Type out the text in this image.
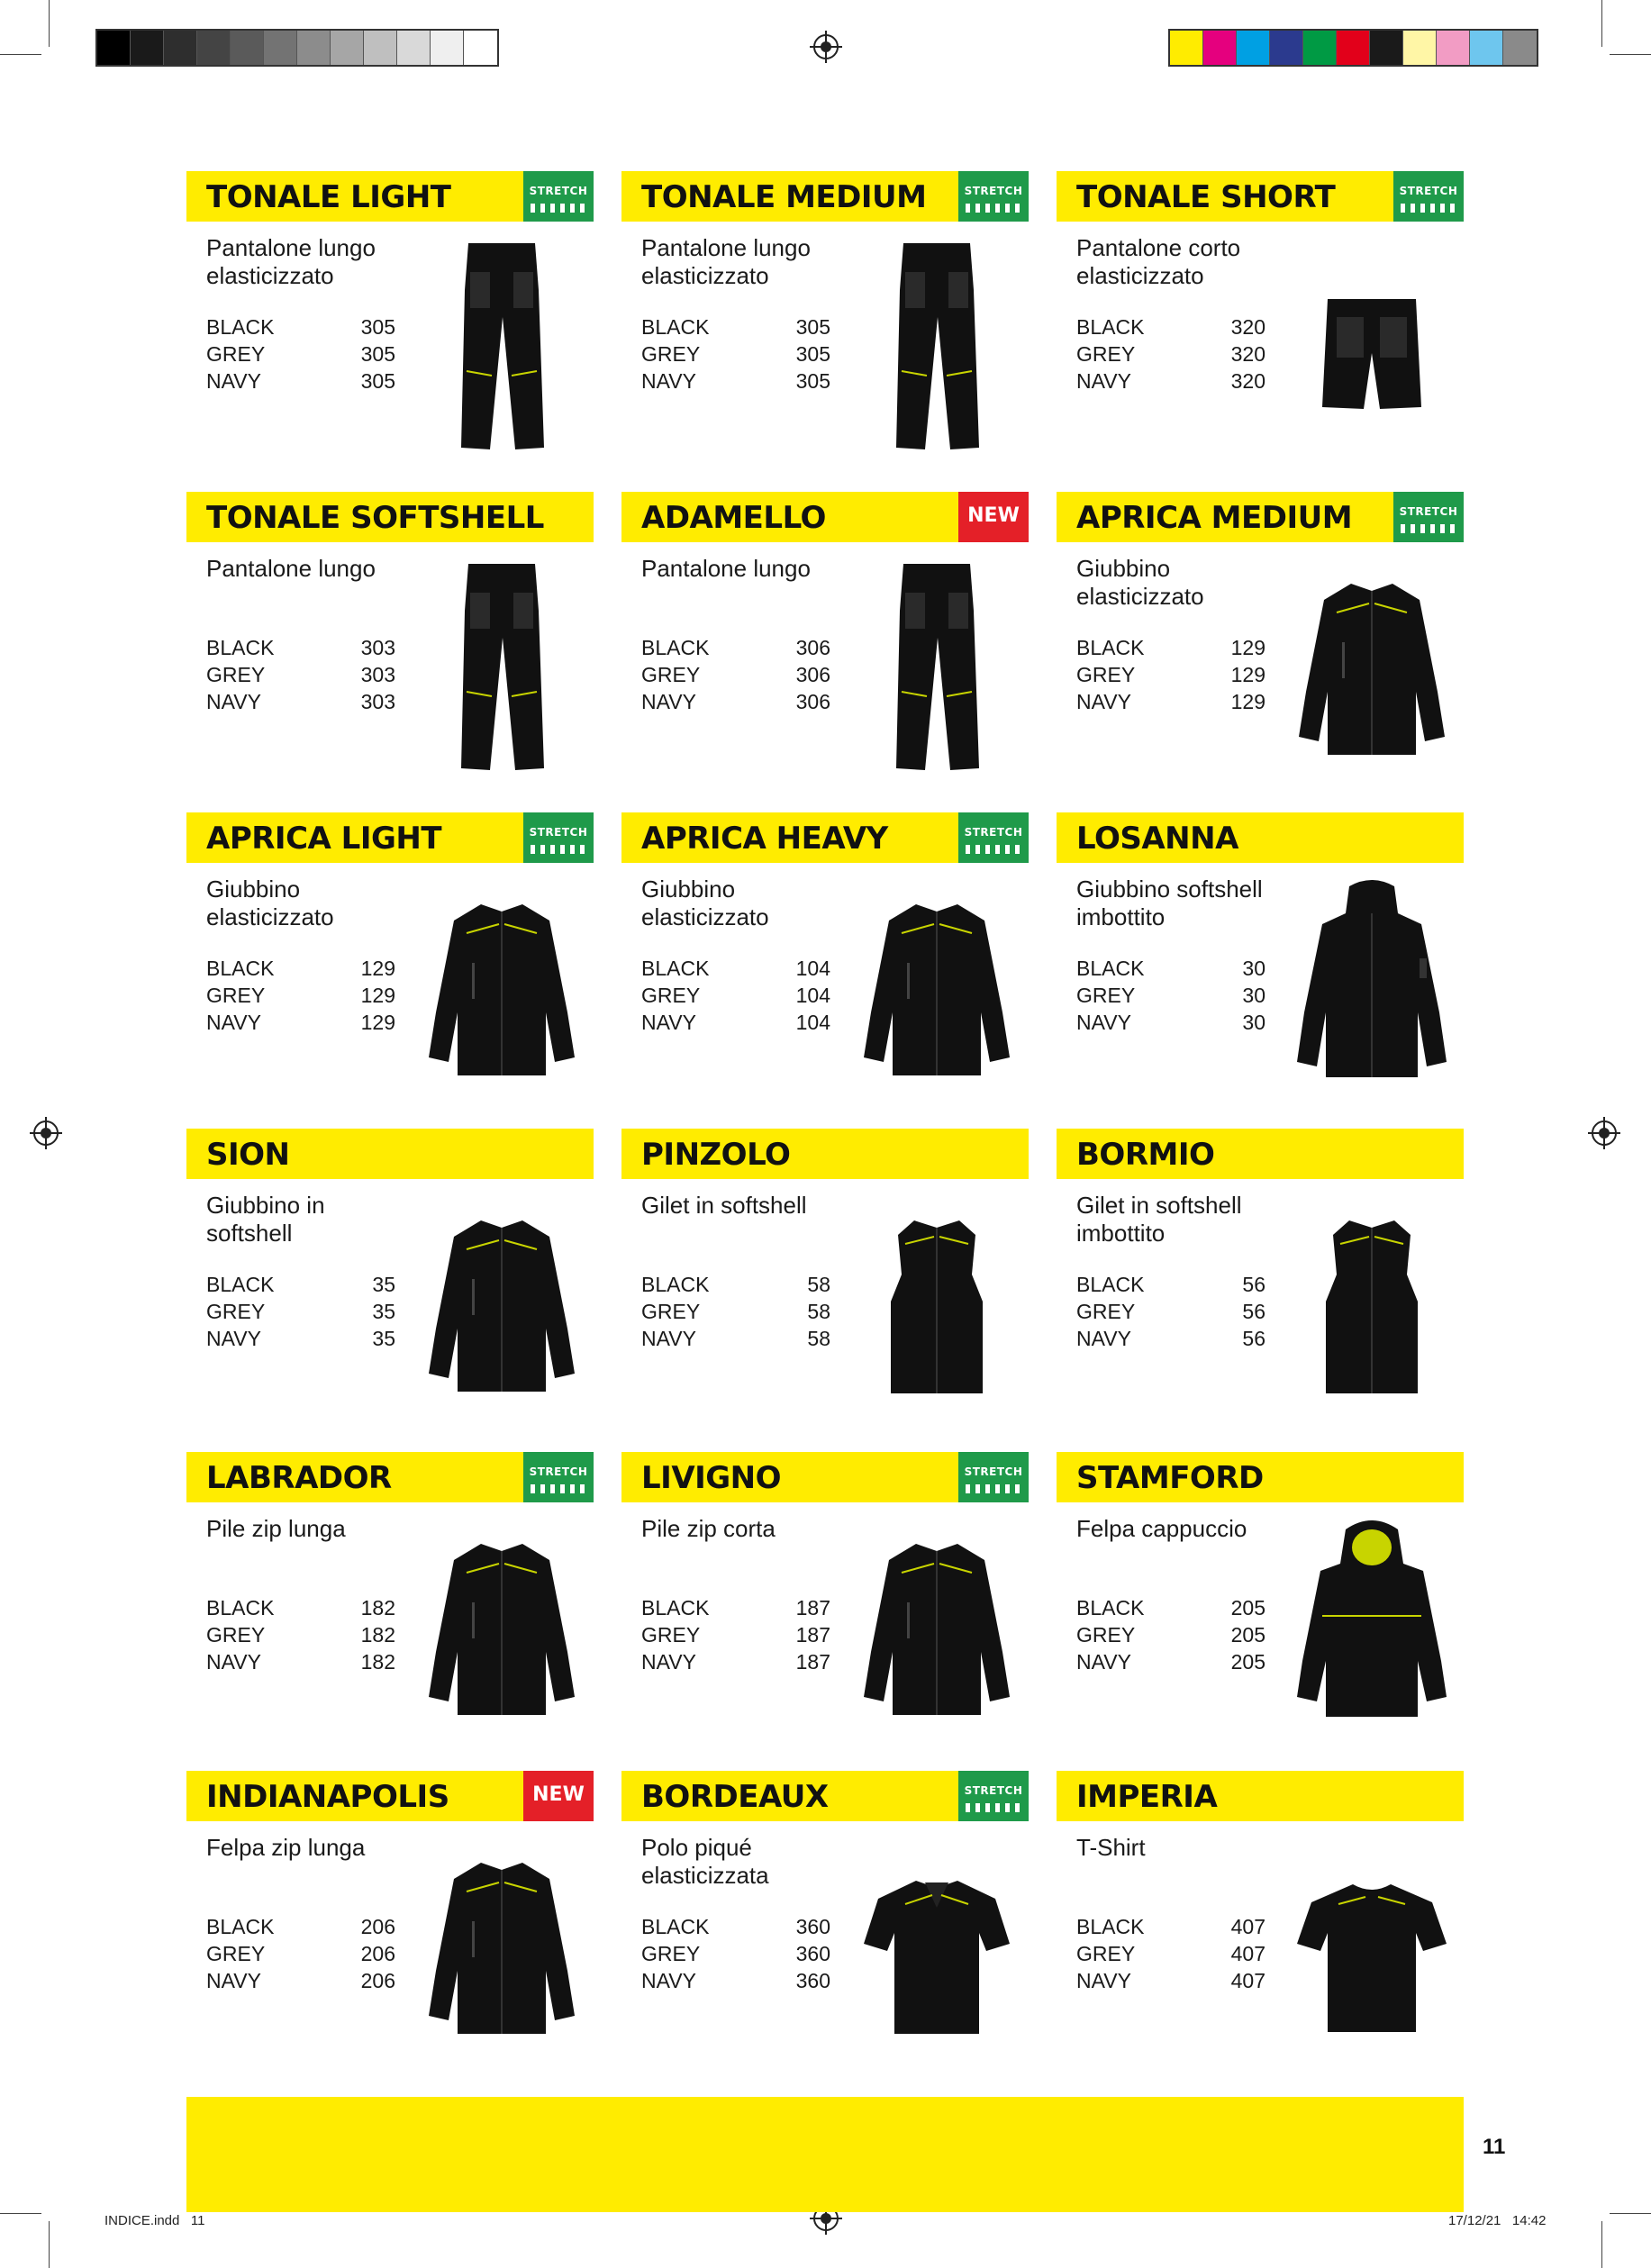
TONALE LIGHT	STRETCH
Pantalone lungo
elasticizzato
BLACK	305
GREY	305
NAVY	305
TONALE MEDIUM	STRETCH
Pantalone lungo
elasticizzato
BLACK	305
GREY	305
NAVY	305
TONALE SHORT	STRETCH
Pantalone corto
elasticizzato
BLACK	320
GREY	320
NAVY	320
TONALE SOFTSHELL
Pantalone lungo
BLACK	303
GREY	303
NAVY	303
ADAMELLO	NEW
Pantalone lungo
BLACK	306
GREY	306
NAVY	306
APRICA MEDIUM	STRETCH
Giubbino
elasticizzato
BLACK	129
GREY	129
NAVY	129
APRICA LIGHT	STRETCH
Giubbino
elasticizzato
BLACK	129
GREY	129
NAVY	129
APRICA HEAVY	STRETCH
Giubbino
elasticizzato
BLACK	104
GREY	104
NAVY	104
LOSANNA
Giubbino softshell
imbottito
BLACK	30
GREY	30
NAVY	30
SION
Giubbino in softshell
BLACK	35
GREY	35
NAVY	35
PINZOLO
Gilet in softshell
BLACK	58
GREY	58
NAVY	58
BORMIO
Gilet in softshell
imbottito
BLACK	56
GREY	56
NAVY	56
LABRADOR	STRETCH
Pile zip lunga
BLACK	182
GREY	182
NAVY	182
LIVIGNO	STRETCH
Pile zip corta
BLACK	187
GREY	187
NAVY	187
STAMFORD
Felpa cappuccio
BLACK	205
GREY	205
NAVY	205
INDIANAPOLIS	NEW
Felpa zip lunga
BLACK	206
GREY	206
NAVY	206
BORDEAUX	STRETCH
Polo piqué
elasticizzata
BLACK	360
GREY	360
NAVY	360
IMPERIA
T-Shirt
BLACK	407
GREY	407
NAVY	407
11
INDICE.indd   11	17/12/21   14:42
